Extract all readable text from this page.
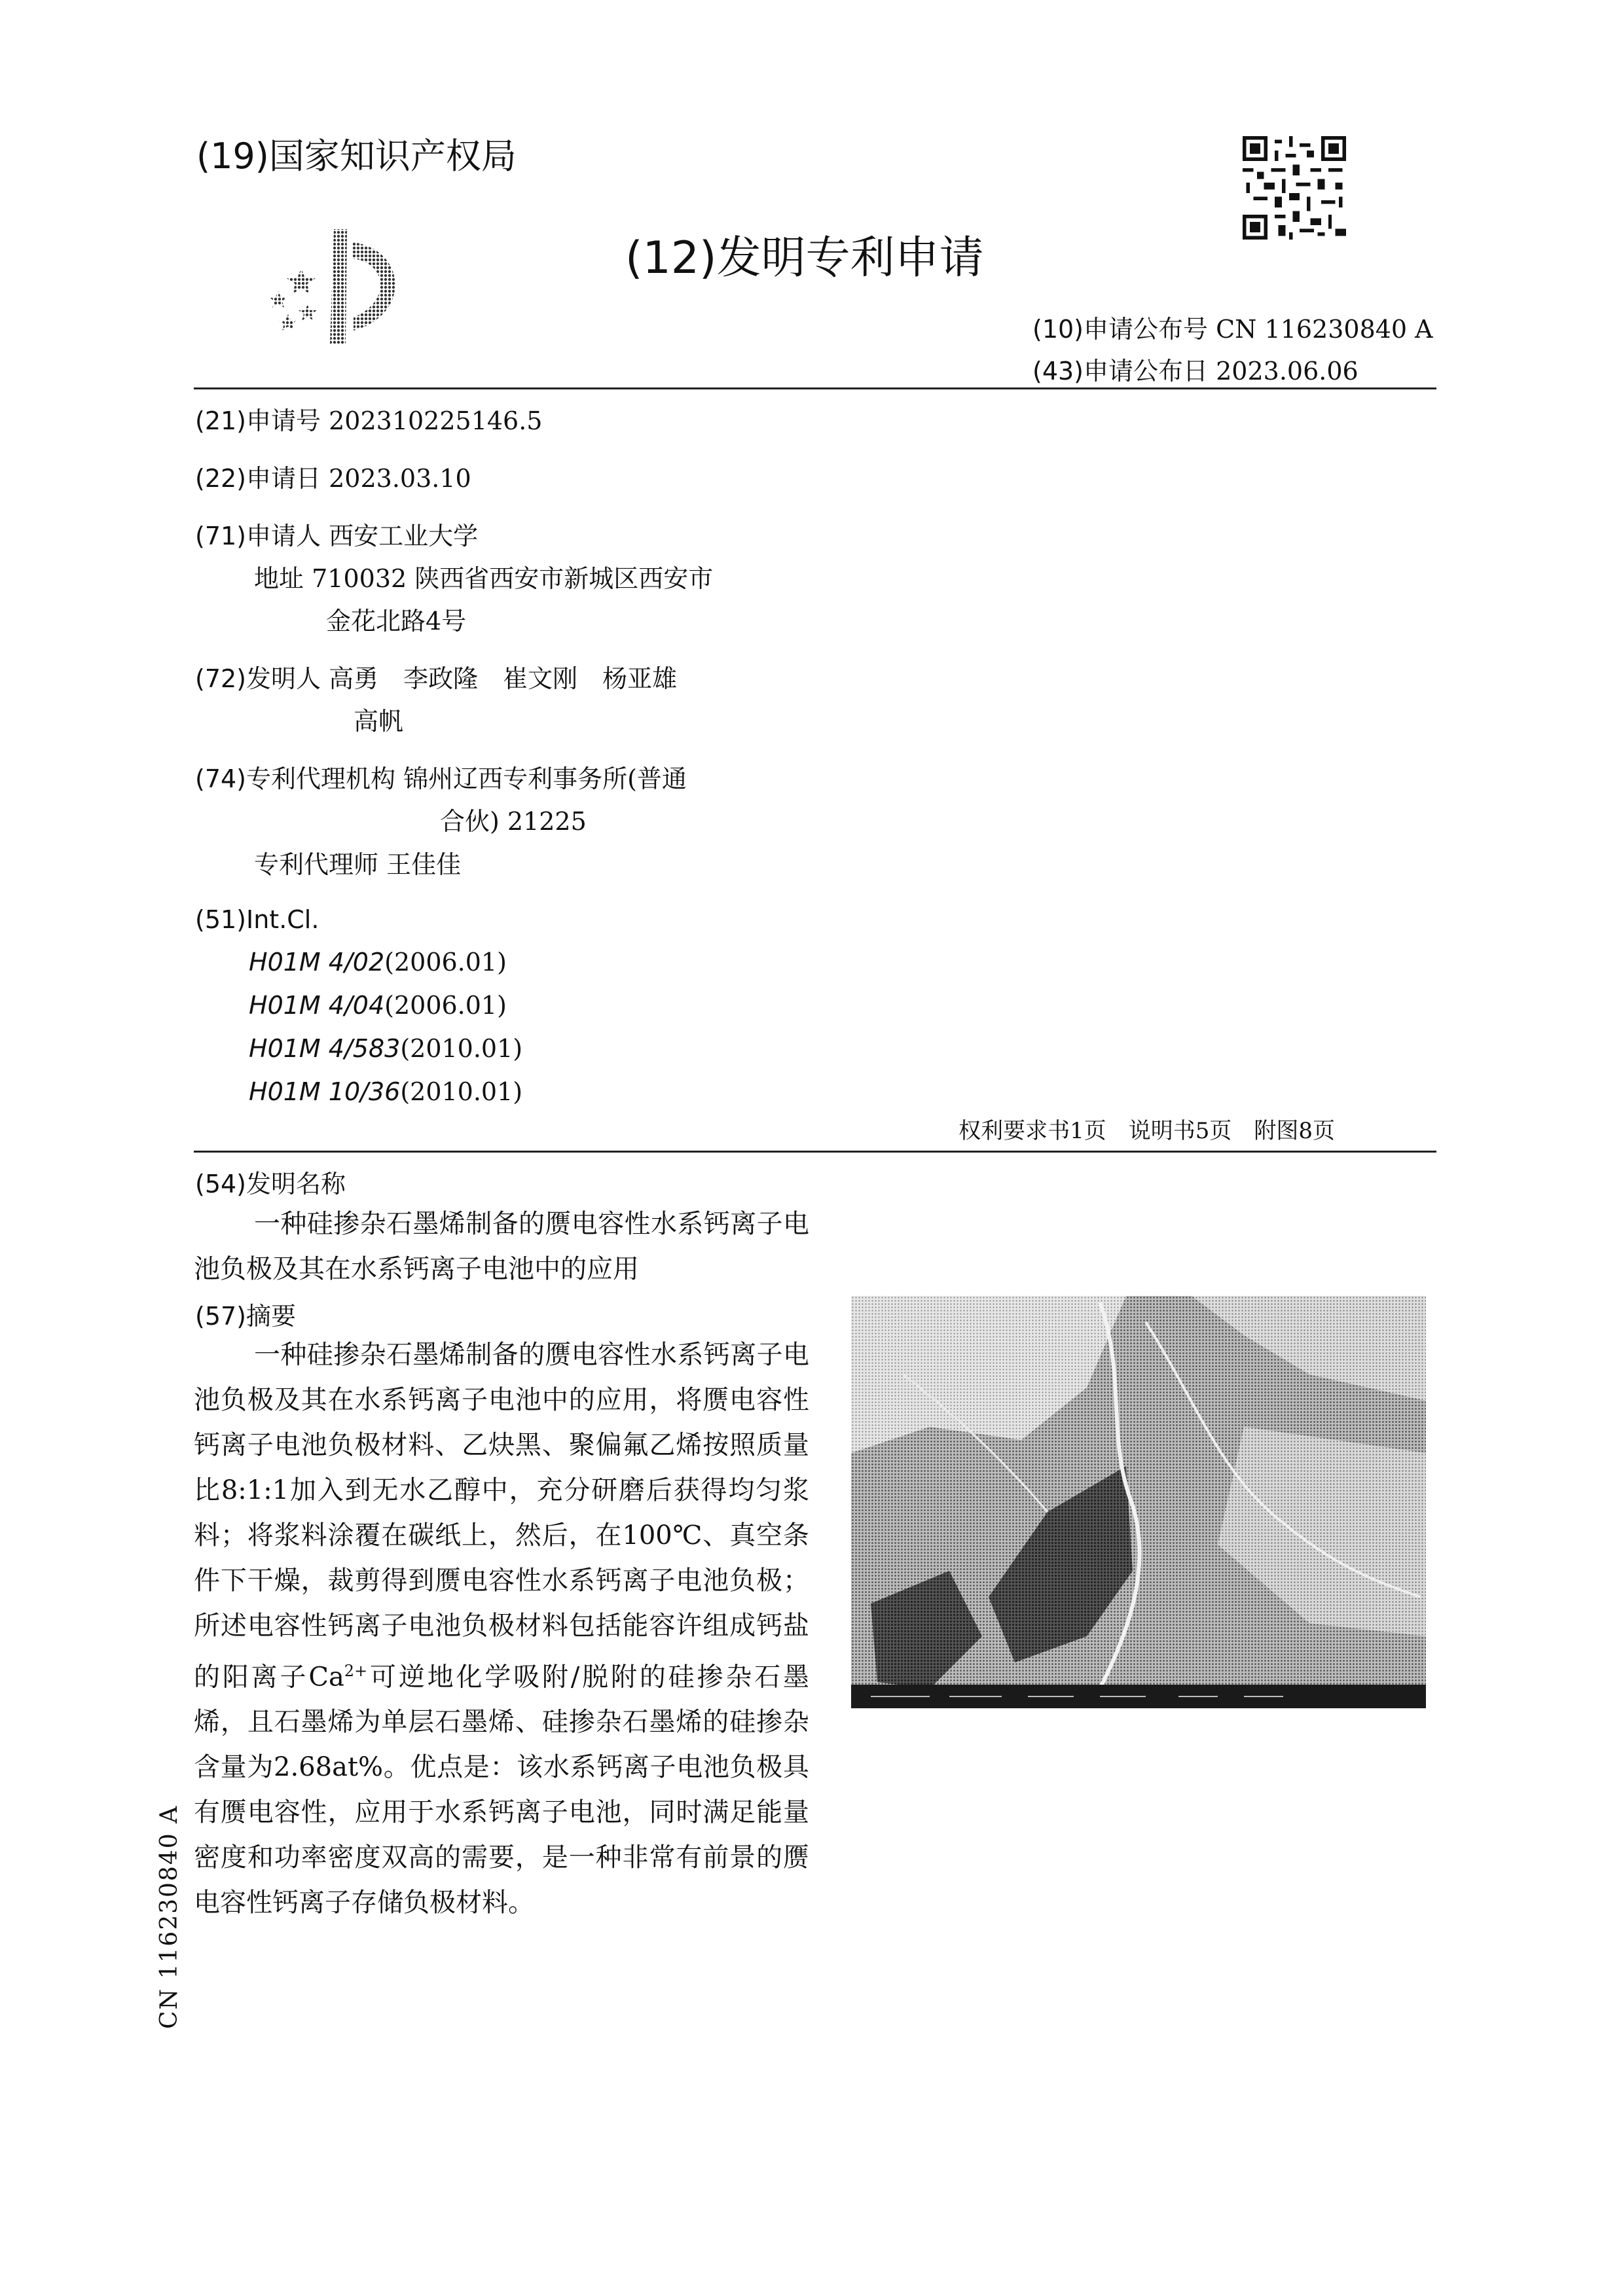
(19)国家知识产权局
(12)发明专利申请
(10)申请公布号 CN 116230840 A
(43)申请公布日 2023.06.06
(21)申请号 202310225146.5
(22)申请日 2023.03.10
(71)申请人 西安工业大学
地址 710032 陕西省西安市新城区西安市
金花北路4号
(72)发明人 高勇　李政隆　崔文刚　杨亚雄
高帆
(74)专利代理机构 锦州辽西专利事务所(普通
合伙) 21225
专利代理师 王佳佳
(51)Int.Cl.
H01M 4/02(2006.01)
H01M 4/04(2006.01)
H01M 4/583(2010.01)
H01M 10/36(2010.01)
权利要求书1页　说明书5页　附图8页
(54)发明名称

一种硅掺杂石墨烯制备的赝电容性水系钙离子电池负极及其在水系钙离子电池中的应用

(57)摘要

一种硅掺杂石墨烯制备的赝电容性水系钙离子电池负极及其在水系钙离子电池中的应用，将赝电容性钙离子电池负极材料、乙炔黑、聚偏氟乙烯按照质量比8:1:1加入到无水乙醇中，充分研磨后获得均匀浆料；将浆料涂覆在碳纸上，然后，在100℃、真空条件下干燥，裁剪得到赝电容性水系钙离子电池负极；所述电容性钙离子电池负极材料包括能容许组成钙盐的阳离子$Ca^{2+}$可逆地化学吸附/脱附的硅掺杂石墨烯，且石墨烯为单层石墨烯、硅掺杂石墨烯的硅掺杂含量为2.68at%。优点是：该水系钙离子电池负极具有赝电容性，应用于水系钙离子电池，同时满足能量密度和功率密度双高的需要，是一种非常有前景的赝电容性钙离子存储负极材料。

CN 116230840 A
